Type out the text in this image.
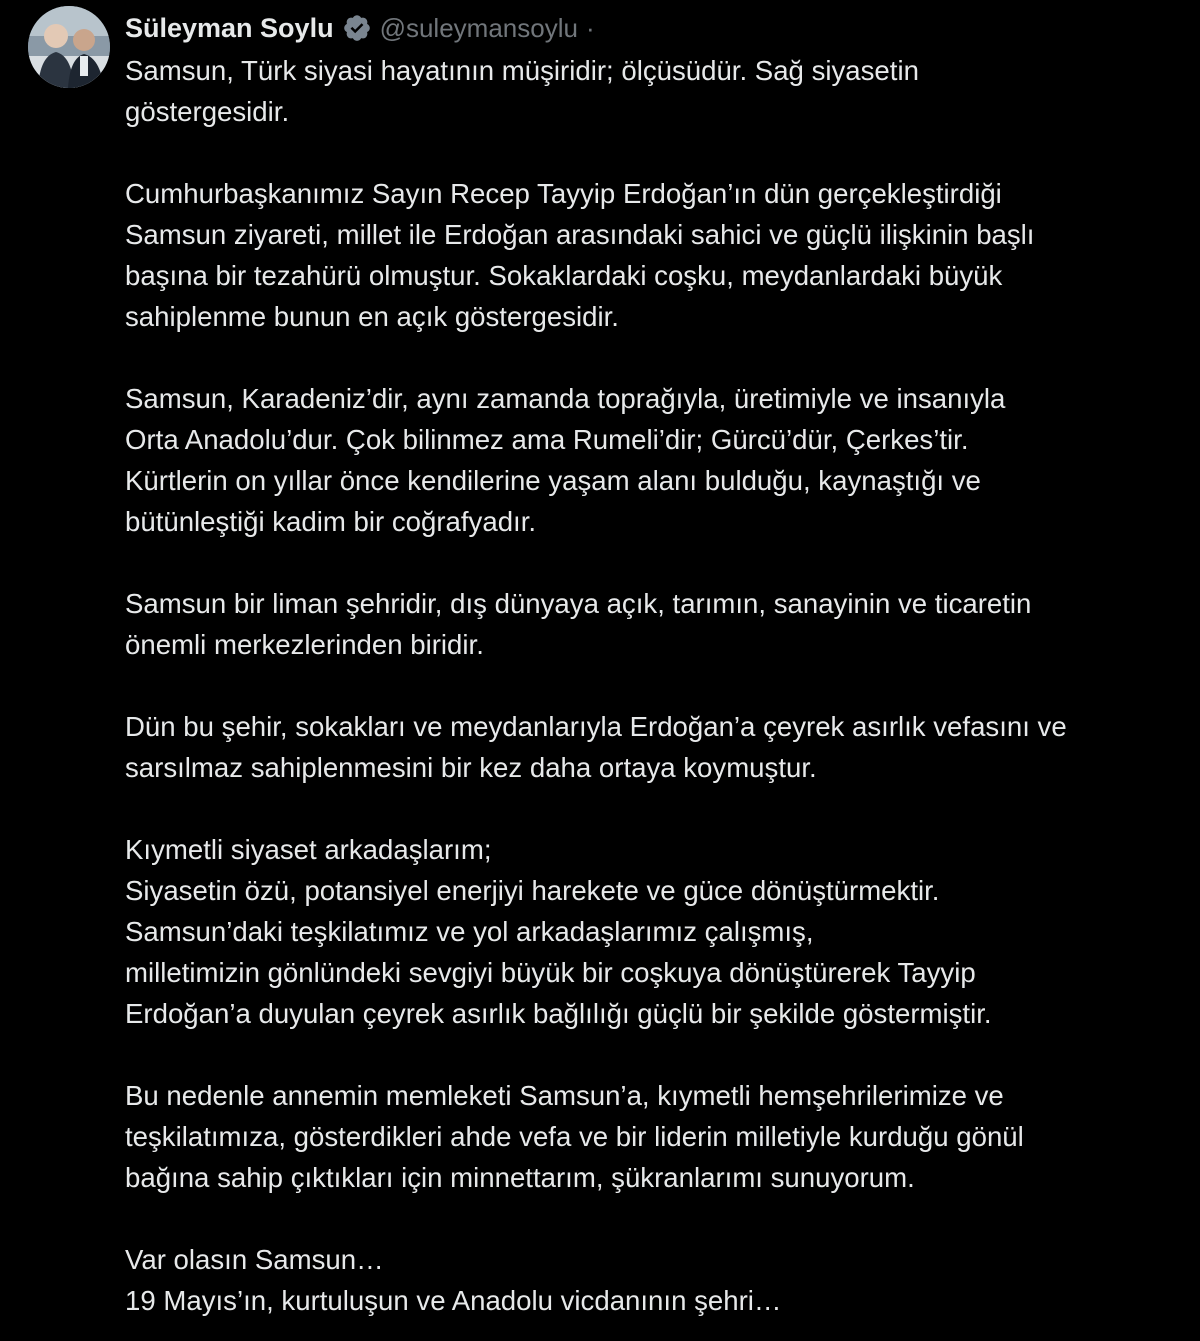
Süleyman Soylu @suleymansoylu ·
Samsun, Türk siyasi hayatının müşiridir; ölçüsüdür. Sağ siyasetin
göstergesidir.
Cumhurbaşkanımız Sayın Recep Tayyip Erdoğan’ın dün gerçekleştirdiği
Samsun ziyareti, millet ile Erdoğan arasındaki sahici ve güçlü ilişkinin başlı
başına bir tezahürü olmuştur. Sokaklardaki coşku, meydanlardaki büyük
sahiplenme bunun en açık göstergesidir.
Samsun, Karadeniz’dir, aynı zamanda toprağıyla, üretimiyle ve insanıyla
Orta Anadolu’dur. Çok bilinmez ama Rumeli’dir; Gürcü’dür, Çerkes’tir.
Kürtlerin on yıllar önce kendilerine yaşam alanı bulduğu, kaynaştığı ve
bütünleştiği kadim bir coğrafyadır.
Samsun bir liman şehridir, dış dünyaya açık, tarımın, sanayinin ve ticaretin
önemli merkezlerinden biridir.
Dün bu şehir, sokakları ve meydanlarıyla Erdoğan’a çeyrek asırlık vefasını ve
sarsılmaz sahiplenmesini bir kez daha ortaya koymuştur.
Kıymetli siyaset arkadaşlarım;
Siyasetin özü, potansiyel enerjiyi harekete ve güce dönüştürmektir.
Samsun’daki teşkilatımız ve yol arkadaşlarımız çalışmış,
milletimizin gönlündeki sevgiyi büyük bir coşkuya dönüştürerek Tayyip
Erdoğan’a duyulan çeyrek asırlık bağlılığı güçlü bir şekilde göstermiştir.
Bu nedenle annemin memleketi Samsun’a, kıymetli hemşehrilerimize ve
teşkilatımıza, gösterdikleri ahde vefa ve bir liderin milletiyle kurduğu gönül
bağına sahip çıktıkları için minnettarım, şükranlarımı sunuyorum.
Var olasın Samsun…
19 Mayıs’ın, kurtuluşun ve Anadolu vicdanının şehri…
